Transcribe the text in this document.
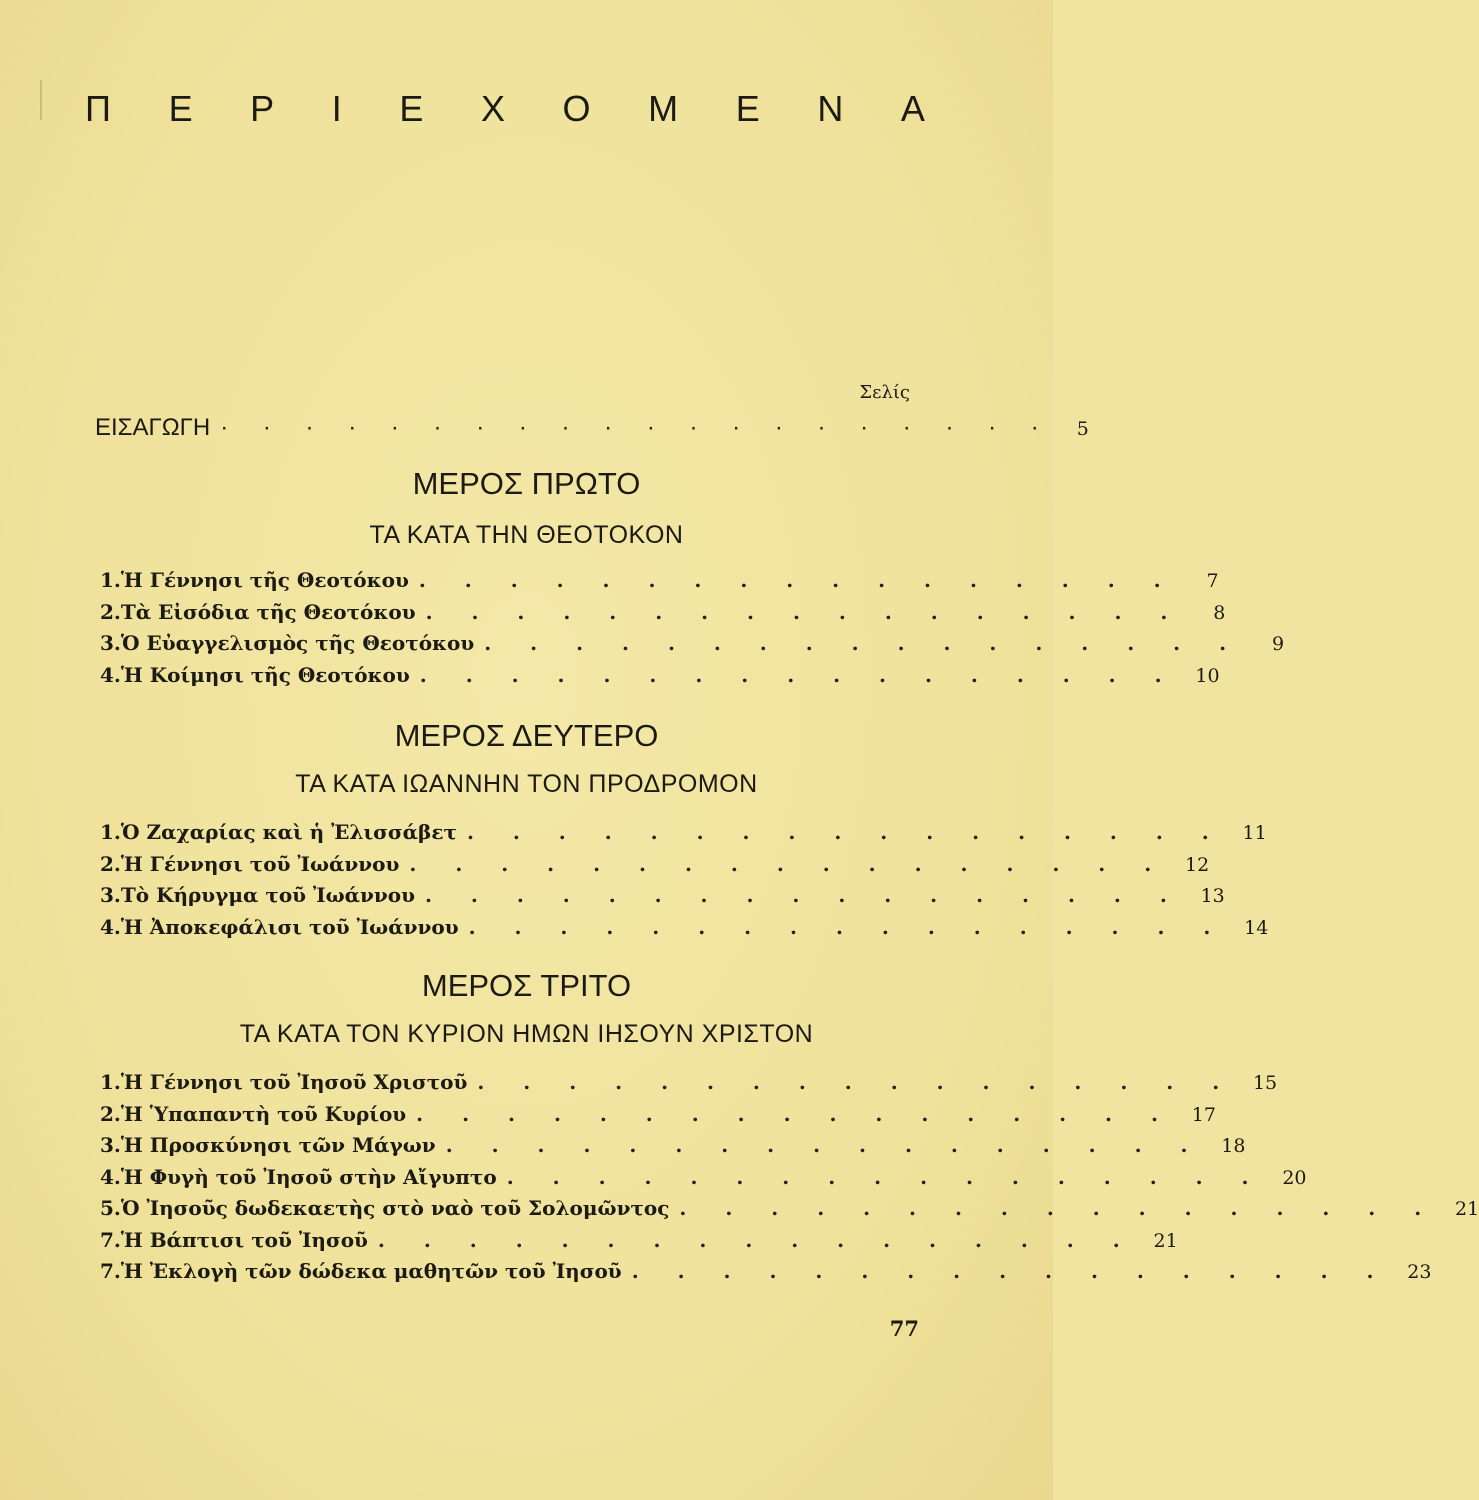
Π Ε Ρ Ι Ε Χ Ο Μ Ε Ν Α
Σελίς
ΕΙΣΑΓΩΓΗ · · · · · · · · · · · · · · · · · · · ·	5
ΜΕΡΟΣ ΠΡΩΤΟ
ΤΑ ΚΑΤΑ ΤΗΝ ΘΕΟΤΟΚΟΝ
1. Ἡ Γέννησι τῆς Θεοτόκου . . . . . . . . . . . . . . . . .	7
2. Τὰ Εἰσόδια τῆς Θεοτόκου . . . . . . . . . . . . . . . . .	8
3. Ὁ Εὐαγγελισμὸς τῆς Θεοτόκου . . . . . . . . . . . . . . . . .	9
4. Ἡ Κοίμησι τῆς Θεοτόκου . . . . . . . . . . . . . . . . . 10
ΜΕΡΟΣ ΔΕΥΤΕΡΟ
ΤΑ ΚΑΤΑ ΙΩΑΝΝΗΝ ΤΟΝ ΠΡΟΔΡΟΜΟΝ
1. Ὁ Ζαχαρίας καὶ ἡ Ἐλισσάβετ . . . . . . . . . . . . . . . . . 11
2. Ἡ Γέννησι τοῦ Ἰωάννου . . . . . . . . . . . . . . . . . 12
3. Τὸ Κήρυγμα τοῦ Ἰωάννου . . . . . . . . . . . . . . . . . 13
4. Ἡ Ἀποκεφάλισι τοῦ Ἰωάννου . . . . . . . . . . . . . . . . . 14
ΜΕΡΟΣ ΤΡΙΤΟ
ΤΑ ΚΑΤΑ ΤΟΝ ΚΥΡΙΟΝ ΗΜΩΝ ΙΗΣΟΥΝ ΧΡΙΣΤΟΝ
1. Ἡ Γέννησι τοῦ Ἰησοῦ Χριστοῦ . . . . . . . . . . . . . . . . . 15
2. Ἡ Ὑπαπαντὴ τοῦ Κυρίου . . . . . . . . . . . . . . . . . 17
3. Ἡ Προσκύνησι τῶν Μάγων . . . . . . . . . . . . . . . . . 18
4. Ἡ Φυγὴ τοῦ Ἰησοῦ στὴν Αἴγυπτο . . . . . . . . . . . . . . . . . 20
5. Ὁ Ἰησοῦς δωδεκαετὴς στὸ ναὸ τοῦ Σολομῶντος . . . . . . . . . . . . . . . . . 21
7. Ἡ Βάπτισι τοῦ Ἰησοῦ . . . . . . . . . . . . . . . . . 21
7. Ἡ Ἐκλογὴ τῶν δώδεκα μαθητῶν τοῦ Ἰησοῦ . . . . . . . . . . . . . . . . . 23
77
